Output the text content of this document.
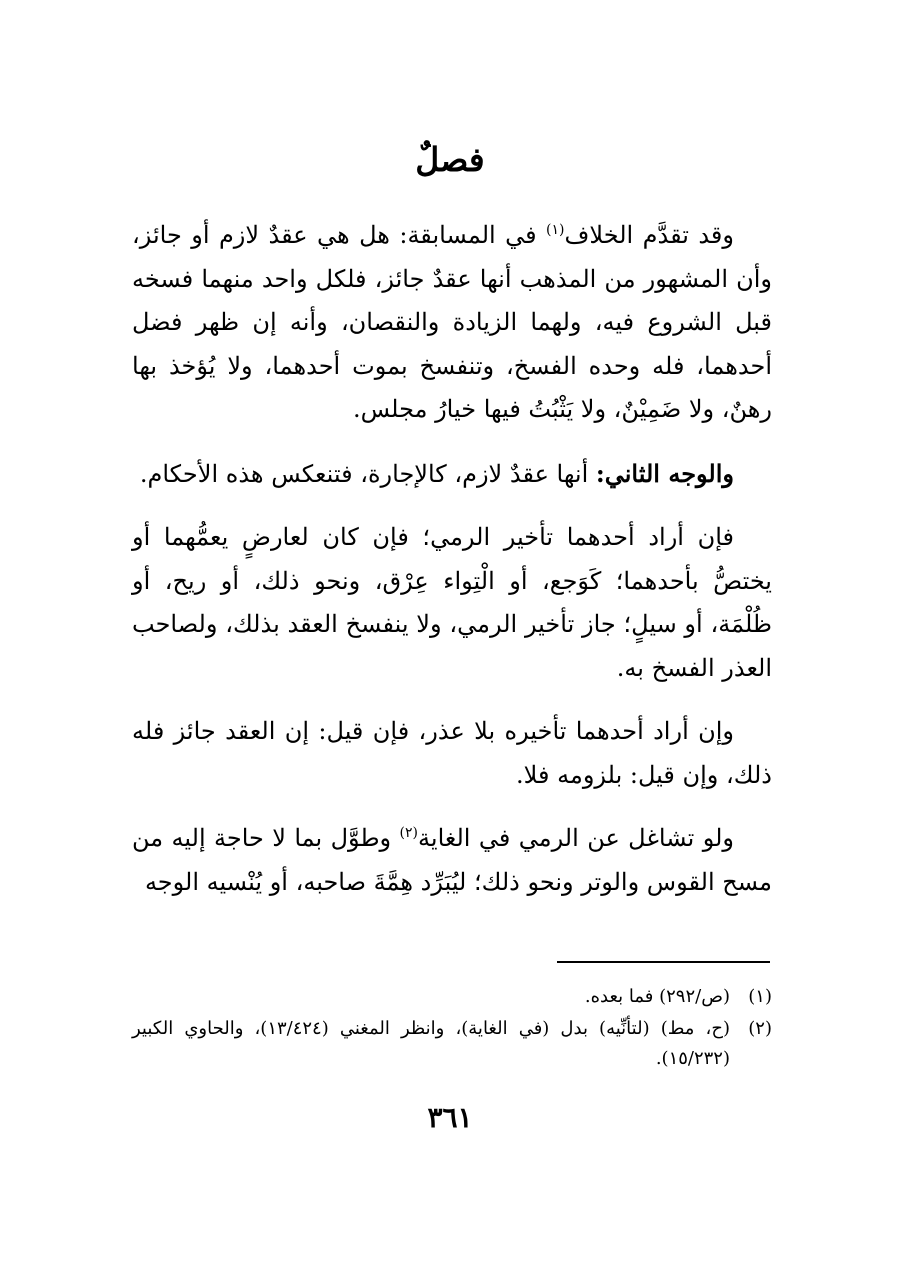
فصلٌ

وقد تقدَّم الخلاف$^{(١)}$ في المسابقة: هل هي عقدٌ لازم أو جائز، وأن المشهور من المذهب أنها عقدٌ جائز، فلكل واحد منهما فسخه قبل الشروع فيه، ولهما الزيادة والنقصان، وأنه إن ظهر فضل أحدهما، فله وحده الفسخ، وتنفسخ بموت أحدهما، ولا يُؤخذ بها رهنٌ، ولا ضَمِيْنٌ، ولا يَثْبُتُ فيها خيارُ مجلس.

والوجه الثاني: أنها عقدٌ لازم، كالإجارة، فتنعكس هذه الأحكام.

فإن أراد أحدهما تأخير الرمي؛ فإن كان لعارضٍ يعمُّهما أو يختصُّ بأحدهما؛ كَوَجع، أو الْتِواء عِرْق، ونحو ذلك، أو ريح، أو ظُلْمَة، أو سيلٍ؛ جاز تأخير الرمي، ولا ينفسخ العقد بذلك، ولصاحب العذر الفسخ به.

وإن أراد أحدهما تأخيره بلا عذر، فإن قيل: إن العقد جائز فله ذلك، وإن قيل: بلزومه فلا.

ولو تشاغل عن الرمي في الغاية$^{(٢)}$ وطوَّل بما لا حاجة إليه من مسح القوس والوتر ونحو ذلك؛ ليُبَرِّد هِمَّةَ صاحبه، أو يُنْسيه الوجه

(١)
(ص/٢٩٢) فما بعده.
(٢)
(ح، مط) (لتأنِّيه) بدل (في الغاية)، وانظر المغني (١٣/٤٢٤)، والحاوي الكبير (١٥/٢٣٢).
٣٦١
